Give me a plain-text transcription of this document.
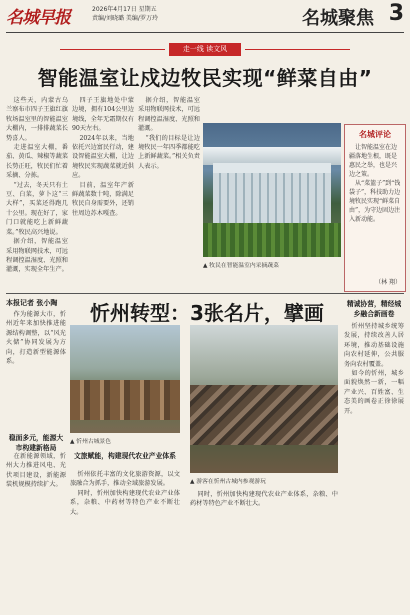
名城早报	2026年4月17日 星期五
责编/刘晓璐 美编/罗万玲	名城聚焦 3
走一线 读文风
智能温室让戍边牧民实现“鲜菜自由”

这些天，内蒙古乌兰察布市四子王旗红旗牧场温室里的智能温室大棚内，一排排蔬菜长势喜人。

走进温室大棚，番茄、黄瓜、辣椒等蔬菜长势正旺，牧民们忙着采摘、分拣。

“过去，冬天只有土豆、白菜，萝卜这“三大样”，买菜还得跑几十公里。现在好了，家门口就能吃上新鲜蔬菜。”牧民高兴地说。

据介绍，智能温室采用物联网技术，可远程调控温湿度、光照和灌溉，实现全年生产。

四子王旗地处中蒙边境，拥有104公里边境线，全年无霜期仅有90天左右。

2024年以来，当地依托兴边富民行动，建设智能温室大棚，让边境牧民实现蔬菜就近供应。

目前，温室年产新鲜蔬菜数十吨，除满足牧民自身需要外，还销往周边苏木嘎查。

据介绍，智能温室采用物联网技术，可远程调控温湿度、光照和灌溉。

“我们的目标是让边境牧民一年四季都能吃上新鲜蔬菜。”相关负责人表示。

▲ 牧民在智能温室内采摘蔬菜
名城评论

让智能温室在边疆落地生根，既是惠民之举，也是兴边之策。

从“菜篮子”到“钱袋子”，科技助力边境牧民实现“鲜菜自由”，为守边固边注入新动能。

（林 翔）
本报记者 张小陶 忻州转型：3张名片，擘画

作为能源大市，忻州近年来加快推进能源结构调整，以“风光火储”协同发展为方向，打造新型能源体系。

稳面多元，能源大市构建新格局

在新能源领域，忻州大力推进风电、光伏项目建设，新能源装机规模持续扩大。

▲ 忻州古城景色
文旅赋能，构建现代农业产业体系

忻州依托丰富的文化旅游资源，以文旅融合为抓手，推动全域旅游发展。

同时，忻州加快构建现代农业产业体系，杂粮、中药材等特色产业不断壮大。

▲ 游客在忻州古城内参观游玩

同时，忻州加快构建现代农业产业体系，杂粮、中药材等特色产业不断壮大。

精诚协营，精经城乡融合新画卷

忻州坚持城乡统筹发展，持续改善人居环境，推动基础设施向农村延伸，公共服务向农村覆盖。

如今的忻州，城乡面貌焕然一新，一幅产业兴、百姓富、生态美的画卷正徐徐展开。
